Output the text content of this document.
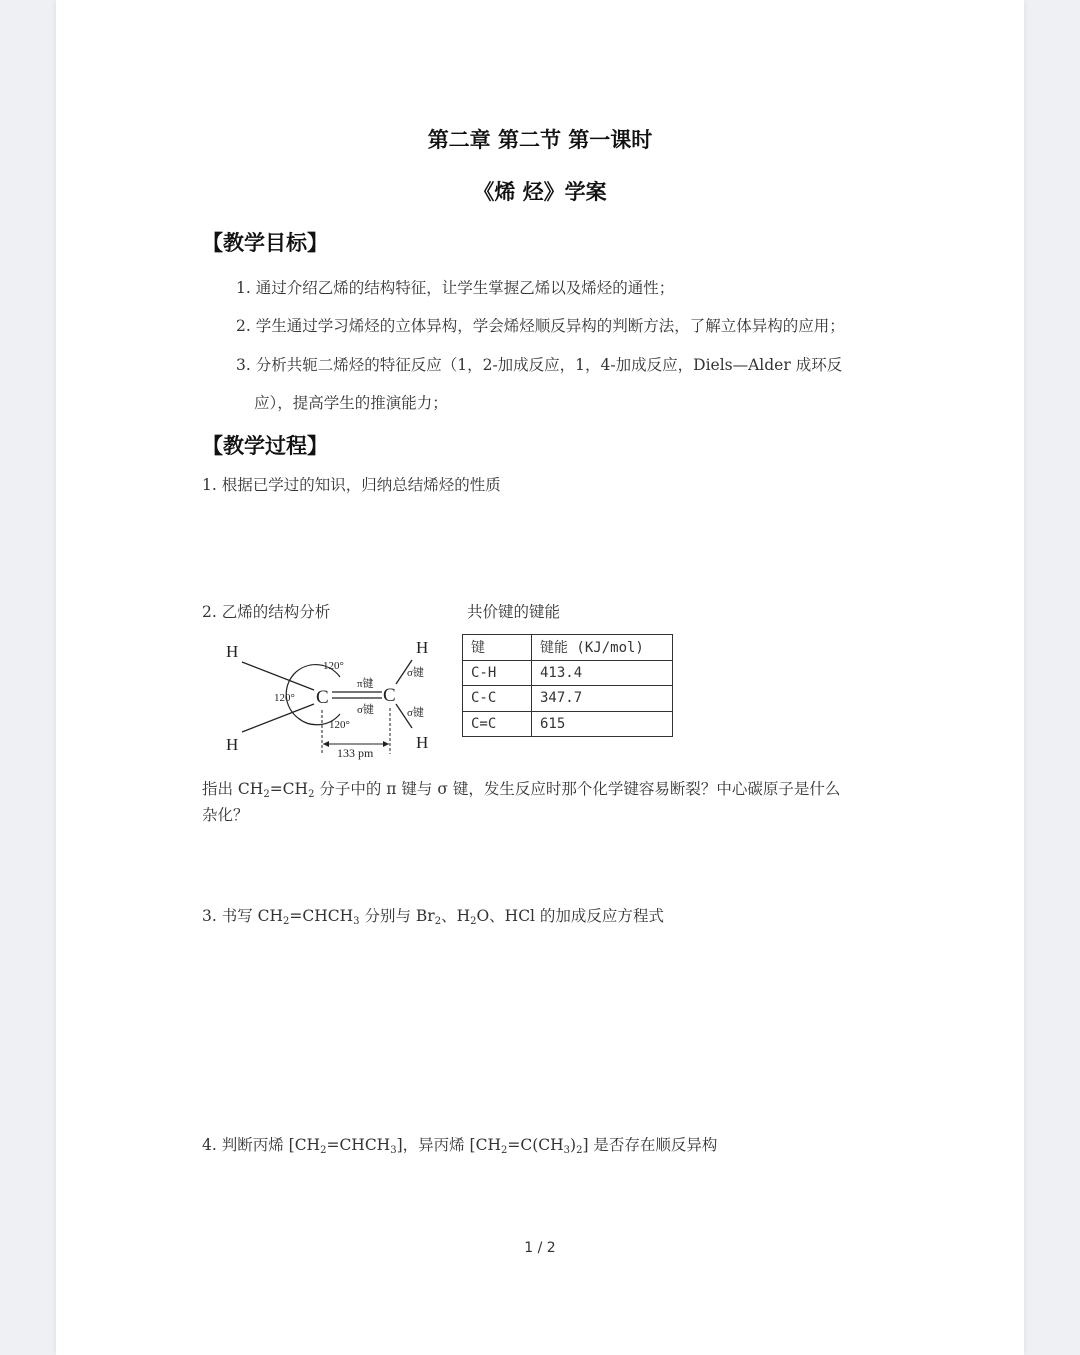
第二章 第二节 第一课时
《烯 烃》学案
【教学目标】
1. 通过介绍乙烯的结构特征，让学生掌握乙烯以及烯烃的通性；
2. 学生通过学习烯烃的立体异构，学会烯烃顺反异构的判断方法，了解立体异构的应用；
3. 分析共轭二烯烃的特征反应（1，2-加成反应，1，4-加成反应，Diels—Alder 成环反
应），提高学生的推演能力；
【教学过程】
1. 根据已学过的知识，归纳总结烯烃的性质
2. 乙烯的结构分析	共价键的键能
H
H
H
H
C	C
120°
120°
120°
π键
σ键
σ键
σ键
133 pm
键	键能 (KJ/mol)
C-H	413.4
C-C	347.7
C=C	615
指出 $CH_2=CH_2$ 分子中的 π 键与 σ 键，发生反应时那个化学键容易断裂？中心碳原子是什么
杂化？
3. 书写 $CH_2=CHCH_3$ 分别与 $Br_2$、$H_2O$、HCl 的加成反应方程式
4. 判断丙烯 $[CH_2=CHCH_3]$，异丙烯 $[CH_2=C(CH_3)_2]$ 是否存在顺反异构
1 / 2
